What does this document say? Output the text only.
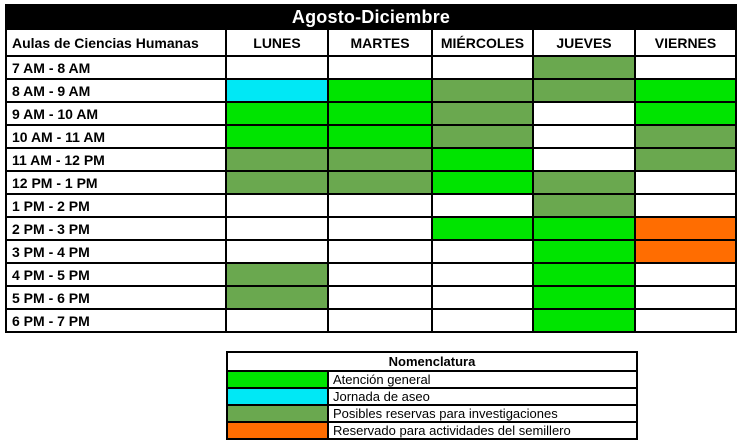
Agosto-Diciembre					
Aulas de Ciencias Humanas	LUNES	MARTES	MIÉRCOLES	JUEVES	VIERNES
7 AM - 8 AM					
8 AM - 9 AM					
9 AM - 10 AM					
10 AM - 11 AM					
11 AM - 12 PM					
12 PM - 1 PM					
1 PM - 2 PM					
2 PM - 3 PM					
3 PM - 4 PM					
4 PM - 5 PM					
5 PM - 6 PM					
6 PM - 7 PM					
Nomenclatura	
	Atención general
	Jornada de aseo
	Posibles reservas para investigaciones
	Reservado para actividades del semillero
